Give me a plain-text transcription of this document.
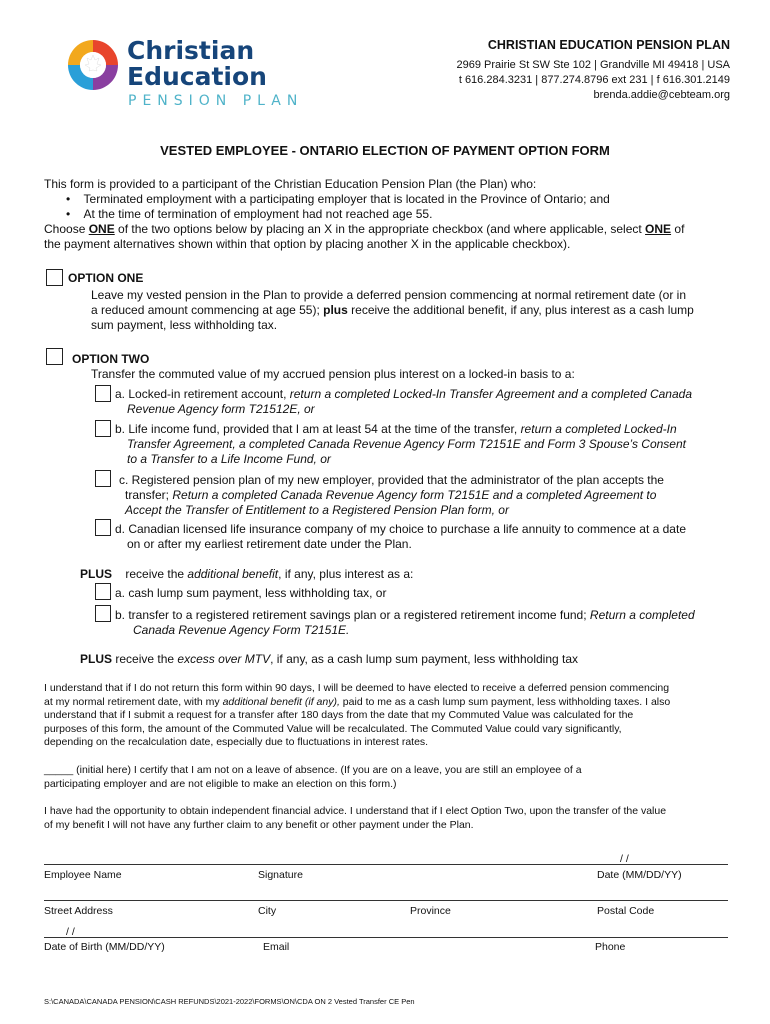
Christian
Education
PENSION PLAN
CHRISTIAN EDUCATION PENSION PLAN
2969 Prairie St SW Ste 102 | Grandville MI 49418 | USA
t 616.284.3231 | 877.274.8796 ext 231 | f 616.301.2149
brenda.addie@cebteam.org
VESTED EMPLOYEE - ONTARIO ELECTION OF PAYMENT OPTION FORM
This form is provided to a participant of the Christian Education Pension Plan (the Plan) who:
•    Terminated employment with a participating employer that is located in the Province of Ontario; and
•    At the time of termination of employment had not reached age 55.
Choose ONE of the two options below by placing an X in the appropriate checkbox (and where applicable, select ONE of
the payment alternatives shown within that option by placing another X in the applicable checkbox).
OPTION ONE
Leave my vested pension in the Plan to provide a deferred pension commencing at normal retirement date (or in
a reduced amount commencing at age 55); plus receive the additional benefit, if any, plus interest as a cash lump
sum payment, less withholding tax.
OPTION TWO
Transfer the commuted value of my accrued pension plus interest on a locked-in basis to a:
a. Locked-in retirement account, return a completed Locked-In Transfer Agreement and a completed Canada
Revenue Agency form T21512E, or
b. Life income fund, provided that I am at least 54 at the time of the transfer, return a completed Locked-In
Transfer Agreement, a completed Canada Revenue Agency Form T2151E and Form 3 Spouse’s Consent
to a Transfer to a Life Income Fund, or
c. Registered pension plan of my new employer, provided that the administrator of the plan accepts the
transfer; Return a completed Canada Revenue Agency form T2151E and a completed Agreement to
Accept the Transfer of Entitlement to a Registered Pension Plan form, or
d. Canadian licensed life insurance company of my choice to purchase a life annuity to commence at a date
on or after my earliest retirement date under the Plan.
PLUS receive the additional benefit, if any, plus interest as a:
a. cash lump sum payment, less withholding tax, or
b. transfer to a registered retirement savings plan or a registered retirement income fund; Return a completed
Canada Revenue Agency Form T2151E.
PLUS receive the excess over MTV, if any, as a cash lump sum payment, less withholding tax
I understand that if I do not return this form within 90 days, I will be deemed to have elected to receive a deferred pension commencing
at my normal retirement date, with my additional benefit (if any), paid to me as a cash lump sum payment, less withholding taxes. I also
understand that if I submit a request for a transfer after 180 days from the date that my Commuted Value was calculated for the
purposes of this form, the amount of the Commuted Value will be recalculated. The Commuted Value could vary significantly,
depending on the recalculation date, especially due to fluctuations in interest rates.
_____ (initial here) I certify that I am not on a leave of absence. (If you are on a leave, you are still an employee of a
participating employer and are not eligible to make an election on this form.)
I have had the opportunity to obtain independent financial advice. I understand that if I elect Option Two, upon the transfer of the value
of my benefit I will not have any further claim to any benefit or other payment under the Plan.
/ /
Employee Name	Signature	Date (MM/DD/YY)
Street Address	City	Province	Postal Code
/ /
Date of Birth (MM/DD/YY)	Email	Phone
S:\CANADA\CANADA PENSION\CASH REFUNDS\2021-2022\FORMS\ON\CDA ON 2 Vested Transfer CE Pen
